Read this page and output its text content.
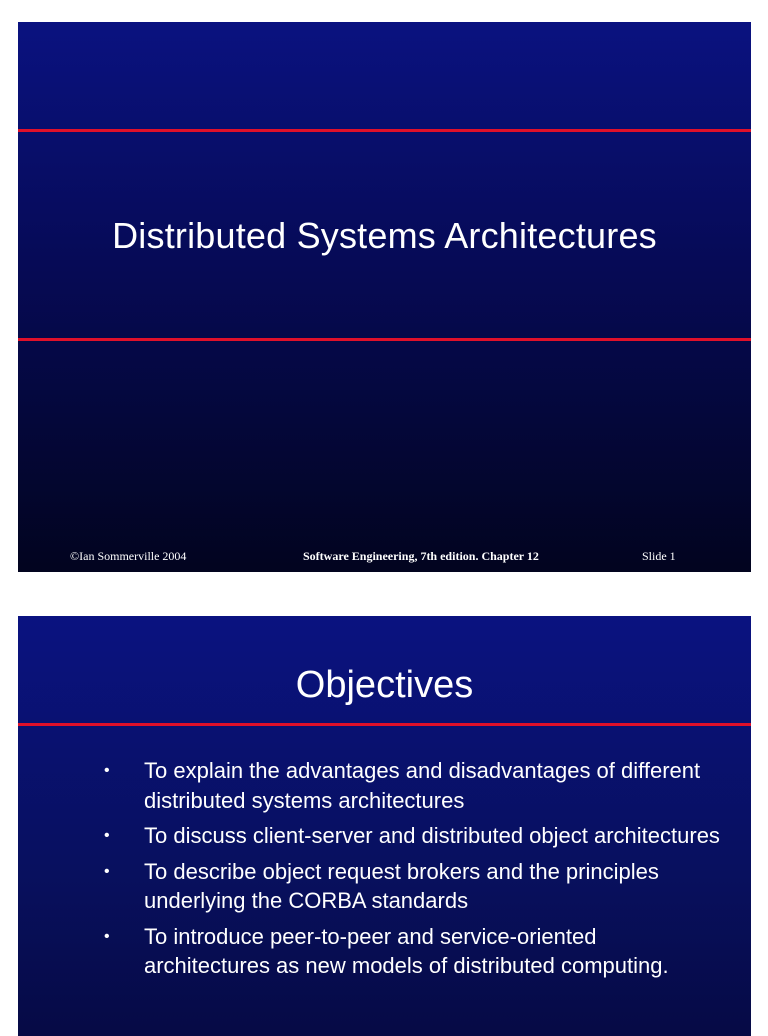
Distributed Systems Architectures
©Ian Sommerville 2004	Software Engineering, 7th edition. Chapter 12	Slide 1
Objectives
• To explain the advantages and disadvantages of different distributed systems architectures
• To discuss client-server and distributed object architectures
• To describe object request brokers and the principles underlying the CORBA standards
• To introduce peer-to-peer and service-oriented architectures as new models of distributed computing.
